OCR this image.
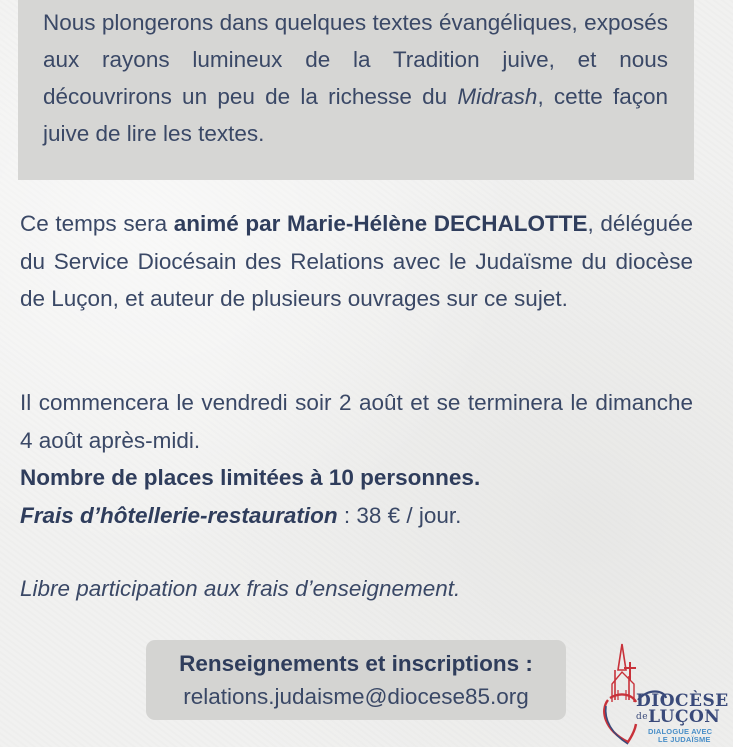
Nous plongerons dans quelques textes évangéliques, exposés aux rayons lumineux de la Tradition juive, et nous découvrirons un peu de la richesse du Midrash, cette façon juive de lire les textes.

Ce temps sera animé par Marie-Hélène DECHALOTTE, déléguée du Service Diocésain des Relations avec le Judaïsme du diocèse de Luçon, et auteur de plusieurs ouvrages sur ce sujet.

Il commencera le vendredi soir 2 août et se terminera le dimanche 4 août après-midi.
Nombre de places limitées à 10 personnes.
Frais d’hôtellerie-restauration : 38 € / jour.

Libre participation aux frais d’enseignement.

Renseignements et inscriptions :
relations.judaisme@diocese85.org	DIOCÈSE
deLUÇON
DIALOGUE AVEC
LE JUDAÏSME
